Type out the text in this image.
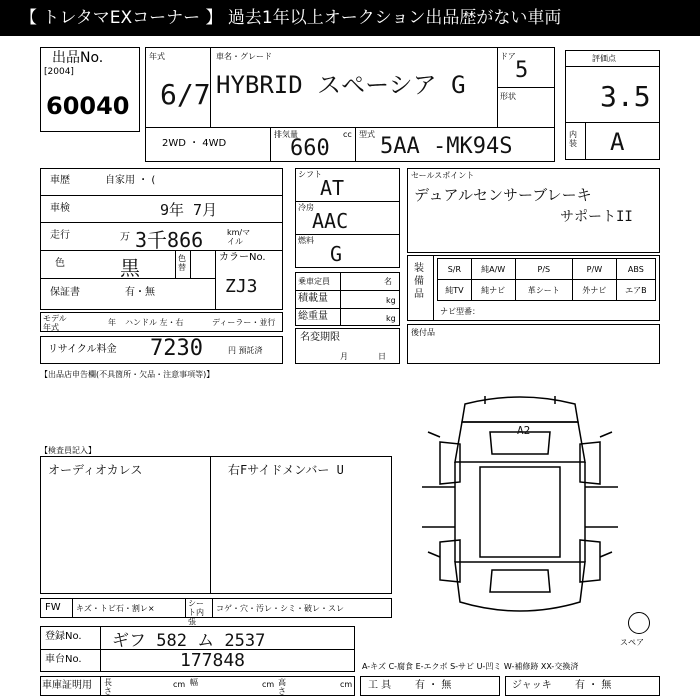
【 トレタマEXコーナー 】 過去1年以上オークション出品歴がない車両
出品No.
[2004]
60040
年式
6/7
車名・グレード
HYBRID スペーシア G
ドア
5
形状
2WD ・ 4WD
排気量	cc
660
型式 5AA -MK94S
評価点
3.5
内装 A
車歴	自家用 ・ (
車検	9年 7月
走行	万 3千866	km/マイル
色	黒	色替
カラーNo.
ZJ3
保証書	有・無
モデル年式
年 ハンドル 左・右	ディーラー・並行
リサイクル料金 7230	円 預託済
シフト
AT
冷房
AAC
燃料
G
乗車定員	名
積載量	kg
総重量	kg
名変期限
月日
セールスポイント
デュアルセンサーブレーキ
サポートII
装備品
S/R	純A/W	P/S	P/W	ABS
純TV	純ナビ	革シート	外ナビ	エアB
ナビ型番：
後付品
【出品店申告欄(不具箇所・欠品・注意事項等)】
【検査員記入】
オーディオカレス	右Fサイドメンバー U
A2
スペア
FW キズ・トビ石・割レ×
シート内張
コゲ・穴・汚レ・シミ・破レ・スレ
登録No. ギフ 582 ム 2537
車台No.	177848
車庫証明用 長さ
cm 幅	cm 高さ
cm
A-キズ C-腐食 E-エクボ S-サビ U-凹ミ W-補修跡 XX-交換済
工 具 有 ・ 無	ジャッキ 有 ・ 無
